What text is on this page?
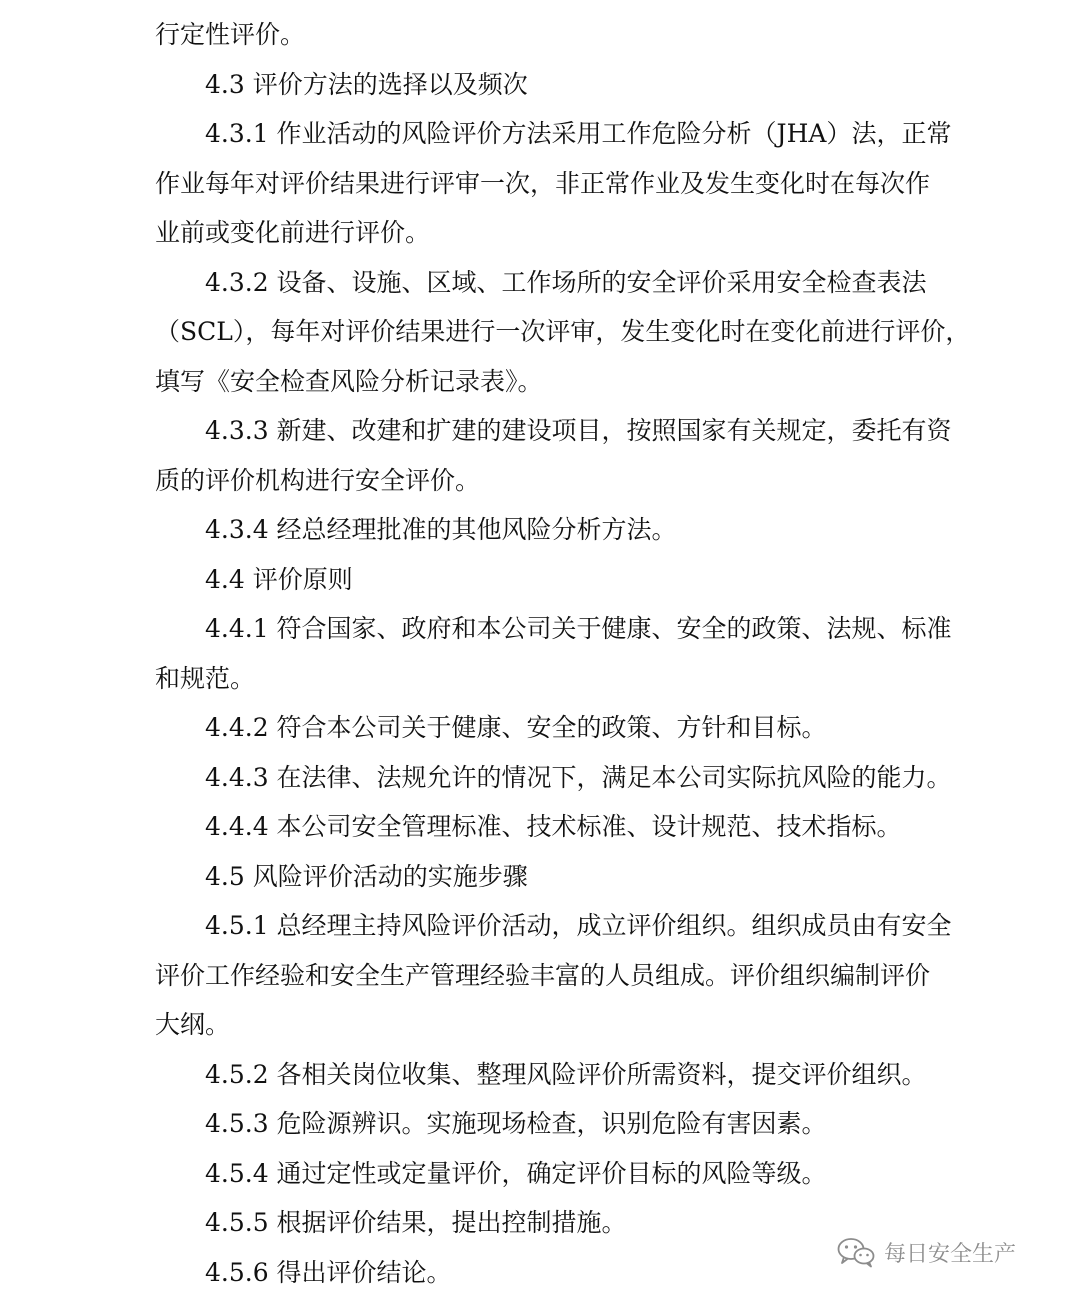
行定性评价。
4.3 评价方法的选择以及频次
4.3.1 作业活动的风险评价方法采用工作危险分析（JHA）法，正常
作业每年对评价结果进行评审一次，非正常作业及发生变化时在每次作
业前或变化前进行评价。
4.3.2 设备、设施、区域、工作场所的安全评价采用安全检查表法
（SCL），每年对评价结果进行一次评审，发生变化时在变化前进行评价，
填写《安全检查风险分析记录表》。
4.3.3 新建、改建和扩建的建设项目，按照国家有关规定，委托有资
质的评价机构进行安全评价。
4.3.4 经总经理批准的其他风险分析方法。
4.4 评价原则
4.4.1 符合国家、政府和本公司关于健康、安全的政策、法规、标准
和规范。
4.4.2 符合本公司关于健康、安全的政策、方针和目标。
4.4.3 在法律、法规允许的情况下，满足本公司实际抗风险的能力。
4.4.4 本公司安全管理标准、技术标准、设计规范、技术指标。
4.5 风险评价活动的实施步骤
4.5.1 总经理主持风险评价活动，成立评价组织。组织成员由有安全
评价工作经验和安全生产管理经验丰富的人员组成。评价组织编制评价
大纲。
4.5.2 各相关岗位收集、整理风险评价所需资料，提交评价组织。
4.5.3 危险源辨识。实施现场检查，识别危险有害因素。
4.5.4 通过定性或定量评价，确定评价目标的风险等级。
4.5.5 根据评价结果，提出控制措施。
4.5.6 得出评价结论。
每日安全生产
